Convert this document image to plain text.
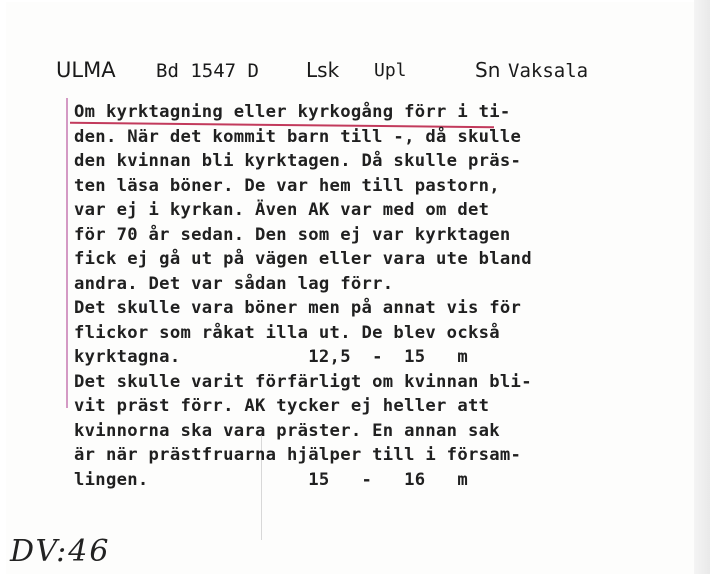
ULMA Bd 1547 D Lsk Upl	Sn Vaksala
Om kyrktagning eller kyrkogång förr i ti-
den. När det kommit barn till -, då skulle
den kvinnan bli kyrktagen. Då skulle präs-
ten läsa böner. De var hem till pastorn,
var ej i kyrkan. Även AK var med om det
för 70 år sedan. Den som ej var kyrktagen
fick ej gå ut på vägen eller vara ute bland
andra. Det var sådan lag förr.
Det skulle vara böner men på annat vis för
flickor som råkat illa ut. De blev också
kyrktagna.            12,5  -  15   m
Det skulle varit förfärligt om kvinnan bli-
vit präst förr. AK tycker ej heller att
kvinnorna ska vara präster. En annan sak
är när prästfruarna hjälper till i försam-
lingen.               15   -   16   m
DV:46
